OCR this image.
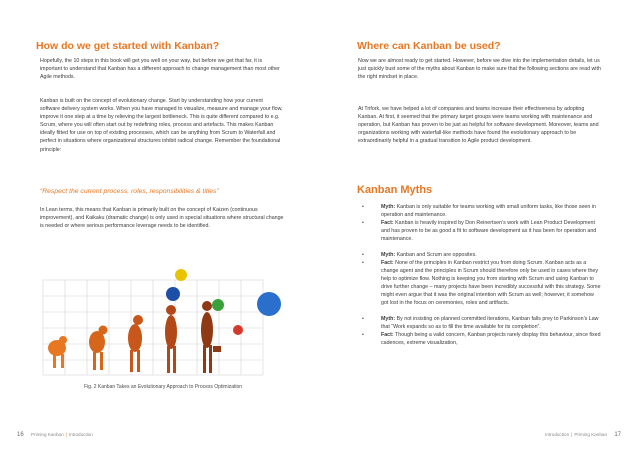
How do we get started with Kanban?

Hopefully, the 10 steps in this book will get you well on your way, but before we get that far, it is important to understand that Kanban has a different approach to change management than most other Agile methods.

Kanban is built on the concept of evolutionary change. Start by understanding how your current software delivery system works. When you have managed to visualize, measure and manage your flow, improve it one step at a time by relieving the largest bottleneck. This is quite different compared to e.g. Scrum, where you will often start out by redefining roles, process and artefacts. This makes Kanban ideally fitted for use on top of existing processes, which can be anything from Scrum to Waterfall and perfect in situations where organizational structures inhibit radical change. Remember the foundational principle:

“Respect the current process, roles, responsibilities & titles”

In Lean terms, this means that Kanban is primarily built on the concept of Kaizen (continuous improvement), and Kaikaku (dramatic change) is only used in special situations where structural change is needed or where serious performance leverage needs to be identified.

Fig. 2 Kanban Takes an Evolutionary Approach to Process Optimization
16 Priming Kanban | Introduction
Where can Kanban be used?

Now we are almost ready to get started. However, before we dive into the implementation details, let us just quickly bust some of the myths about Kanban to make sure that the following sections are read with the right mindset in place.

At Trifork, we have helped a lot of companies and teams increase their effectiveness by adopting Kanban. At first, it seemed that the primary target groups were teams working with maintenance and operation, but Kanban has proven to be just as helpful for software development. Moreover, teams and organizations working with waterfall-like methods have found the evolutionary approach to be extraordinarily helpful in a gradual transition to Agile product development.

Kanban Myths
• Myth: Kanban is only suitable for teams working with small uniform tasks, like those seen in operation and maintenance.
• Fact: Kanban is heavily inspired by Don Reinertsen’s work with Lean Product Development and has proven to be as good a fit to software development as it has been for operation and maintenance.
• Myth: Kanban and Scrum are opposites.
• Fact: None of the principles in Kanban restrict you from doing Scrum. Kanban acts as a change agent and the principles in Scrum should therefore only be used in cases where they help to optimize flow. Nothing is keeping you from starting with Scrum and using Kanban to drive further change – many projects have been incredibly successful with this strategy. Some might even argue that it was the original intention with Scrum as well; however, it somehow got lost in the focus on ceremonies, roles and artifacts.
• Myth: By not insisting on planned committed iterations, Kanban falls prey to Parkinson’s Law that “Work expands so as to fill the time available for its completion”.
• Fact: Though being a valid concern, Kanban projects rarely display this behaviour, since fixed cadences, extreme visualization,
Introduction | Priming Kanban 17
